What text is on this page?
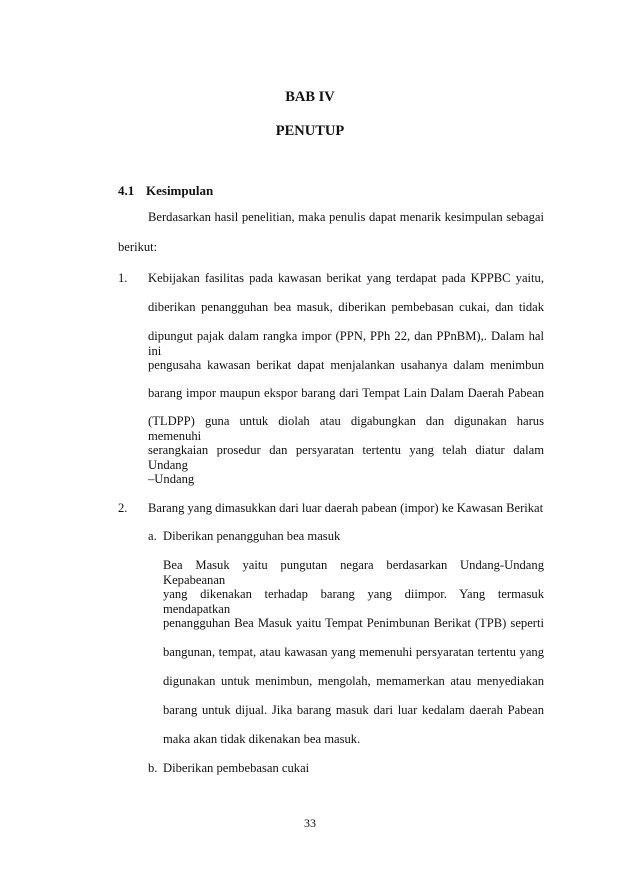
BAB IV
PENUTUP
4.1 Kesimpulan
Berdasarkan hasil penelitian, maka penulis dapat menarik kesimpulan sebagai
berikut:
1. Kebijakan fasilitas pada kawasan berikat yang terdapat pada KPPBC yaitu,
diberikan penangguhan bea masuk, diberikan pembebasan cukai, dan tidak
dipungut pajak dalam rangka impor (PPN, PPh 22, dan PPnBM),. Dalam hal ini
pengusaha kawasan berikat dapat menjalankan usahanya dalam menimbun
barang impor maupun ekspor barang dari Tempat Lain Dalam Daerah Pabean
(TLDPP) guna untuk diolah atau digabungkan dan digunakan harus memenuhi
serangkaian prosedur dan persyaratan tertentu yang telah diatur dalam Undang
–Undang
2. Barang yang dimasukkan dari luar daerah pabean (impor) ke Kawasan Berikat
a. Diberikan penangguhan bea masuk
Bea Masuk yaitu pungutan negara berdasarkan Undang-Undang Kepabeanan
yang dikenakan terhadap barang yang diimpor. Yang termasuk mendapatkan
penangguhan Bea Masuk yaitu Tempat Penimbunan Berikat (TPB) seperti
bangunan, tempat, atau kawasan yang memenuhi persyaratan tertentu yang
digunakan untuk menimbun, mengolah, memamerkan atau menyediakan
barang untuk dijual. Jika barang masuk dari luar kedalam daerah Pabean
maka akan tidak dikenakan bea masuk.
b. Diberikan pembebasan cukai
33
